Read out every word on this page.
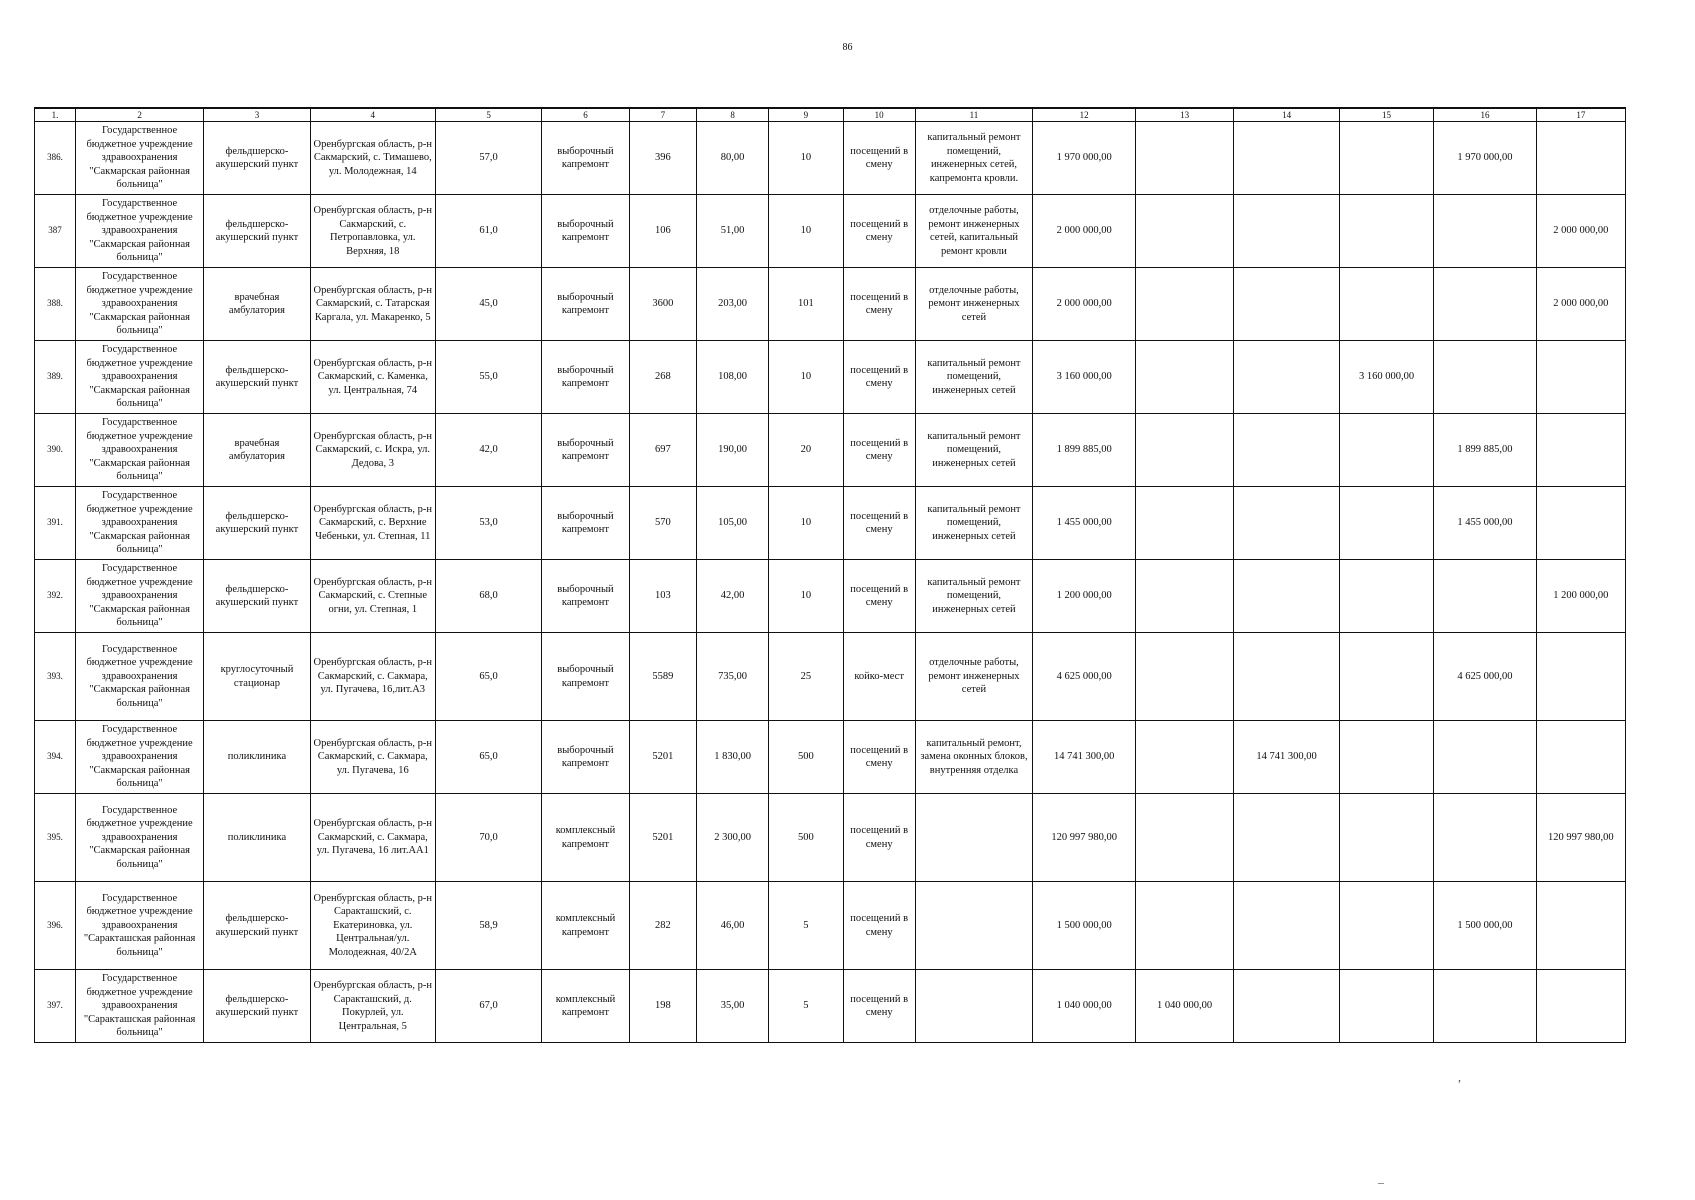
86
1.	2	3	4	5	6	7	8	9	10	11	12	13	14	15	16	17
386.	Государственное бюджетное учреждение здравоохранения "Сакмарская районная больница"	фельдшерско-акушерский пункт	Оренбургская область, р-н Сакмарский, с. Тимашево, ул. Молодежная, 14	57,0	выборочный капремонт	396	80,00	10	посещений в смену	капитальный ремонт помещений, инженерных сетей, капремонта кровли.	1 970 000,00				1 970 000,00	
387	Государственное бюджетное учреждение здравоохранения "Сакмарская районная больница"	фельдшерско-акушерский пункт	Оренбургская область, р-н Сакмарский, с. Петропавловка, ул. Верхняя, 18	61,0	выборочный капремонт	106	51,00	10	посещений в смену	отделочные работы, ремонт инженерных сетей, капитальный ремонт кровли	2 000 000,00					2 000 000,00
388.	Государственное бюджетное учреждение здравоохранения "Сакмарская районная больница"	врачебная амбулатория	Оренбургская область, р-н Сакмарский, с. Татарская Каргала, ул. Макаренко, 5	45,0	выборочный капремонт	3600	203,00	101	посещений в смену	отделочные работы, ремонт инженерных сетей	2 000 000,00					2 000 000,00
389.	Государственное бюджетное учреждение здравоохранения "Сакмарская районная больница"	фельдшерско-акушерский пункт	Оренбургская область, р-н Сакмарский, с. Каменка, ул. Центральная, 74	55,0	выборочный капремонт	268	108,00	10	посещений в смену	капитальный ремонт помещений, инженерных сетей	3 160 000,00			3 160 000,00		
390.	Государственное бюджетное учреждение здравоохранения "Сакмарская районная больница"	врачебная амбулатория	Оренбургская область, р-н Сакмарский, с. Искра, ул. Дедова, 3	42,0	выборочный капремонт	697	190,00	20	посещений в смену	капитальный ремонт помещений, инженерных сетей	1 899 885,00				1 899 885,00	
391.	Государственное бюджетное учреждение здравоохранения "Сакмарская районная больница"	фельдшерско-акушерский пункт	Оренбургская область, р-н Сакмарский, с. Верхние Чебеньки, ул. Степная, 11	53,0	выборочный капремонт	570	105,00	10	посещений в смену	капитальный ремонт помещений, инженерных сетей	1 455 000,00				1 455 000,00	
392.	Государственное бюджетное учреждение здравоохранения "Сакмарская районная больница"	фельдшерско-акушерский пункт	Оренбургская область, р-н Сакмарский, с. Степные огни, ул. Степная, 1	68,0	выборочный капремонт	103	42,00	10	посещений в смену	капитальный ремонт помещений, инженерных сетей	1 200 000,00					1 200 000,00
393.	Государственное бюджетное учреждение здравоохранения "Сакмарская районная больница"	круглосуточный стационар	Оренбургская область, р-н Сакмарский, с. Сакмара, ул. Пугачева, 16,лит.А3	65,0	выборочный капремонт	5589	735,00	25	койко-мест	отделочные работы, ремонт инженерных сетей	4 625 000,00				4 625 000,00	
394.	Государственное бюджетное учреждение здравоохранения "Сакмарская районная больница"	поликлиника	Оренбургская область, р-н Сакмарский, с. Сакмара, ул. Пугачева, 16	65,0	выборочный капремонт	5201	1 830,00	500	посещений в смену	капитальный ремонт, замена оконных блоков, внутренняя отделка	14 741 300,00		14 741 300,00			
395.	Государственное бюджетное учреждение здравоохранения "Сакмарская районная больница"	поликлиника	Оренбургская область, р-н Сакмарский, с. Сакмара, ул. Пугачева, 16 лит.АА1	70,0	комплексный капремонт	5201	2 300,00	500	посещений в смену		120 997 980,00					120 997 980,00
396.	Государственное бюджетное учреждение здравоохранения "Саракташская районная больница"	фельдшерско-акушерский пункт	Оренбургская область, р-н Саракташский, с. Екатериновка, ул. Центральная/ул. Молодежная, 40/2А	58,9	комплексный капремонт	282	46,00	5	посещений в смену		1 500 000,00				1 500 000,00	
397.	Государственное бюджетное учреждение здравоохранения "Саракташская районная больница"	фельдшерско-акушерский пункт	Оренбургская область, р-н Саракташский, д. Покурлей, ул. Центральная, 5	67,0	комплексный капремонт	198	35,00	5	посещений в смену		1 040 000,00	1 040 000,00				
,
–
